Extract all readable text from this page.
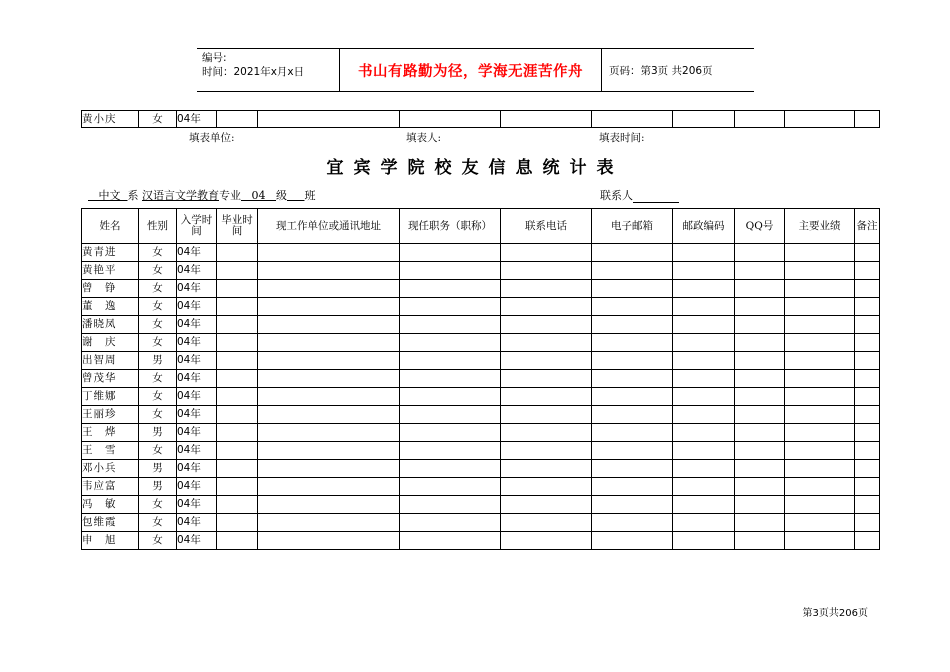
编号:
时间：2021年x月x日	书山有路勤为径，学海无涯苦作舟	页码：第3页 共206页
黄小庆	女	04年									
填表单位:	填表人:	填表时间:
宜宾学院校友信息统计表
中文 系 汉语言文学教育专业 04 级 班	联系人
姓名	性别	入学时间	毕业时间	现工作单位或通讯地址	现任职务（职称）	联系电话	电子邮箱	邮政编码	QQ号	主要业绩	备注
黄青进	女	04年									
黄艳平	女	04年									
曾　铮	女	04年									
董　逸	女	04年									
潘晓凤	女	04年									
谢　庆	女	04年									
出智周	男	04年									
曾茂华	女	04年									
丁维娜	女	04年									
王丽珍	女	04年									
王　烨	男	04年									
王　雪	女	04年									
邓小兵	男	04年									
韦应富	男	04年									
冯　敏	女	04年									
包维霞	女	04年									
申　旭	女	04年									
第3页共206页
